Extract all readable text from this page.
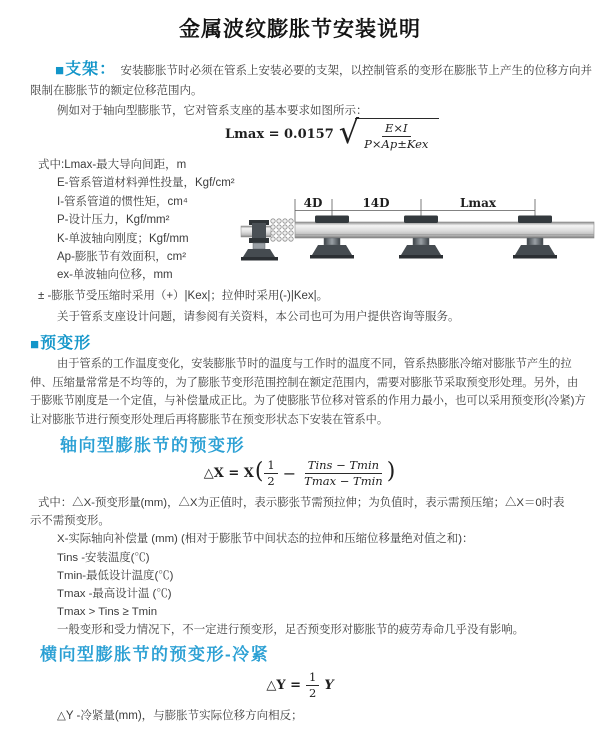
金属波纹膨胀节安装说明
■支架： 安装膨胀节时必须在管系上安装必要的支架，以控制管系的变形在膨胀节上产生的位移方向并
限制在膨胀节的额定位移范围内。
例如对于轴向型膨胀节，它对管系支座的基本要求如图所示：
Lmax = 0.0157 √ $\frac{E\times I}{\text{P×Ap±Kex}}$
式中:Lmax-最大导向间距，m
E-管系管道材料弹性投量，Kgf/cm²
I-管系管道的惯性矩，cm⁴
P-设计压力，Kgf/mm²
K-单波轴向刚度；Kgf/mm
Ap-膨胀节有效面积，cm²
ex-单波轴向位移，mm
4D	14D	Lmax
± -膨胀节受压缩时采用（+）|Kex|；拉伸时采用(-)|Kex|。
关于管系支座设计问题，请参阅有关资料，本公司也可为用户提供咨询等服务。
■预变形
由于管系的工作温度变化，安装膨胀节时的温度与工作时的温度不同，管系热膨胀冷缩对膨胀节产生的拉
伸、压缩量常常是不均等的，为了膨胀节变形范围控制在额定范围内，需要对膨胀节采取预变形处理。另外，由
于膨账节刚度是一个定值，与补偿量成正比。为了使膨胀节位移对管系的作用力最小，也可以采用预变形(冷紧)方
让对膨胀节进行预变形处理后再将膨胀节在预变形状态下安装在管系中。
轴向型膨胀节的预变形
△X = X ( $\frac{1}{2} - \frac{\text{Tins − Tmin}}{Tmax - Tmin}$ )
式中：△X-预变形量(mm)，△X为正值时，表示膨张节需预拉伸；为负值时，表示需预压缩；△X＝0时表
示不需预变形。
X-实际轴向补偿量 (mm) (相对于膨胀节中间状态的拉伸和压缩位移量绝对值之和)：
Tins -安装温度(℃)
Tmin-最低设计温度(℃)
Tmax -最高设计温 (℃)
Tmax > Tins ≥ Tmin
一般变形和受力情况下，不一定进行预变形，足否预变形对膨胀节的疲劳寿命几乎没有影响。
横向型膨胀节的预变形-冷紧
△Y = $\frac{1}{2}$ Y
△Y -冷紧量(mm)，与膨胀节实际位移方向相反；
